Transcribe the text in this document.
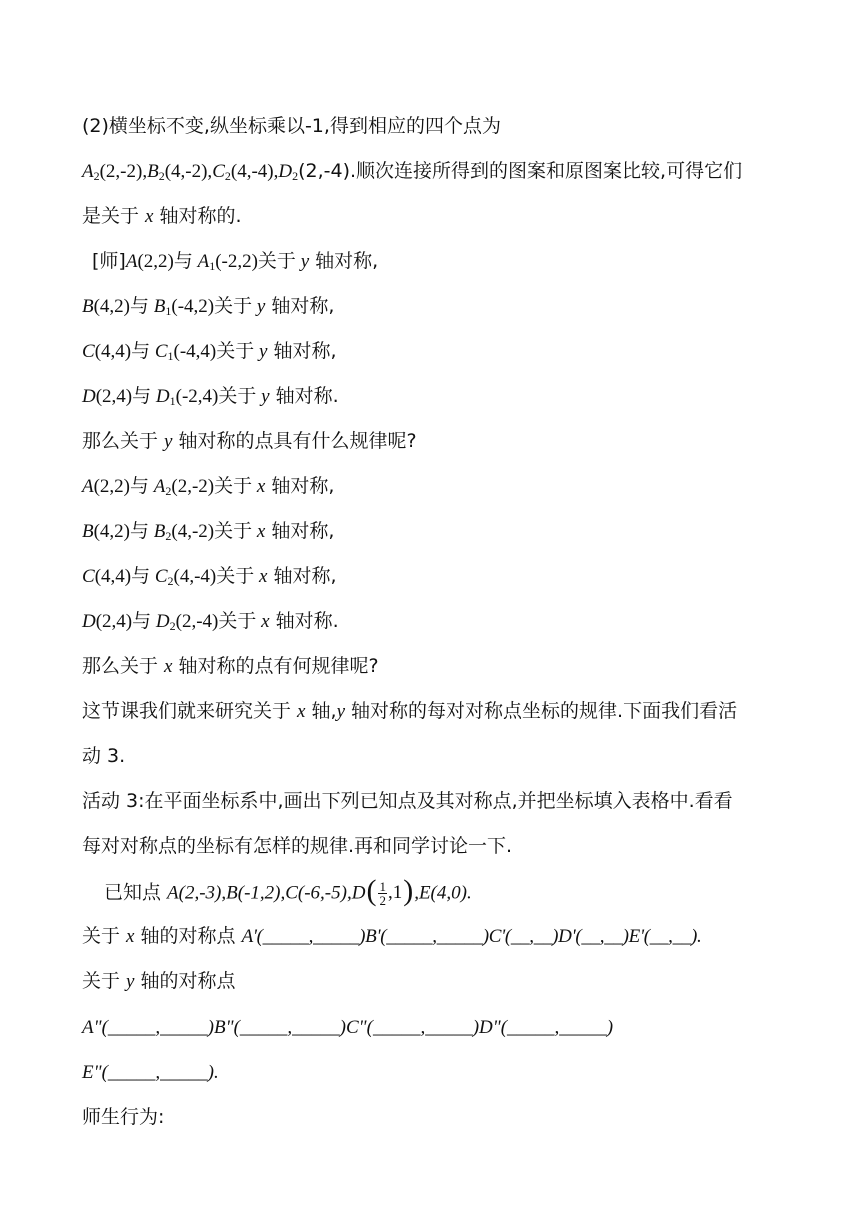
(2)横坐标不变,纵坐标乘以-1,得到相应的四个点为
$A_2(2,-2),B_2(4,-2),C_2(4,-4),D_2(2,-4)$.顺次连接所得到的图案和原图案比较,可得它们
是关于 x 轴对称的.
[师]A(2,2)与 $A_1(-2,2)$关于 y 轴对称,
B(4,2)与 $B_1(-4,2)$关于 y 轴对称,
C(4,4)与 $C_1(-4,4)$关于 y 轴对称,
D(2,4)与 $D_1(-2,4)$关于 y 轴对称.
那么关于 y 轴对称的点具有什么规律呢?
A(2,2)与 $A_2(2,-2)$关于 x 轴对称,
B(4,2)与 $B_2(4,-2)$关于 x 轴对称,
C(4,4)与 $C_2(4,-4)$关于 x 轴对称,
D(2,4)与 $D_2(2,-4)$关于 x 轴对称.
那么关于 x 轴对称的点有何规律呢?
这节课我们就来研究关于 x 轴,y 轴对称的每对对称点坐标的规律.下面我们看活
动 3.
活动 3:在平面坐标系中,画出下列已知点及其对称点,并把坐标填入表格中.看看
每对对称点的坐标有怎样的规律.再和同学讨论一下.
已知点 A(2,-3),B(-1,2),C(-6,-5),D ( $\frac{1}{2} ,1$ ) ,E(4,0).
关于 x 轴的对称点 A'(_____,_____)B'(_____,_____)C'(__,__)D'(__,__)E'(__,__).
关于 y 轴的对称点
A"(_____,_____)B"(_____,_____)C"(_____,_____)D"(_____,_____)
E"(_____,_____).
师生行为:
